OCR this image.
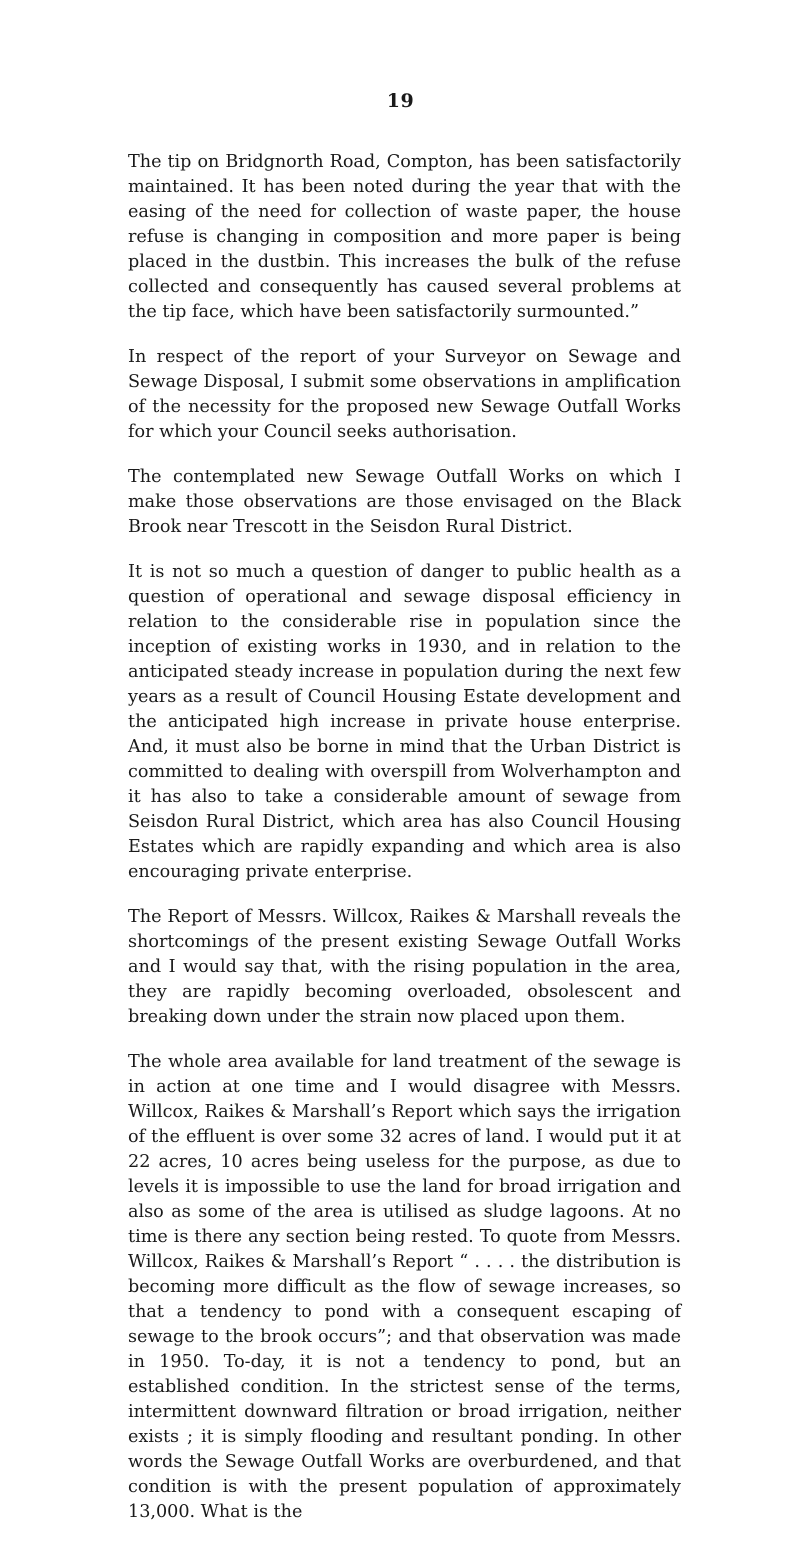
19

The tip on Bridgnorth Road, Compton, has been satisfactorily maintained. It has been noted during the year that with the easing of the need for collection of waste paper, the house refuse is changing in composition and more paper is being placed in the dustbin. This increases the bulk of the refuse collected and consequently has caused several problems at the tip face, which have been satisfactorily surmounted.”

In respect of the report of your Surveyor on Sewage and Sewage Disposal, I submit some observations in amplification of the necessity for the proposed new Sewage Outfall Works for which your Council seeks authorisation.

The contemplated new Sewage Outfall Works on which I make those observations are those envisaged on the Black Brook near Trescott in the Seisdon Rural District.

It is not so much a question of danger to public health as a question of operational and sewage disposal efficiency in relation to the considerable rise in population since the inception of existing works in 1930, and in relation to the anticipated steady increase in population during the next few years as a result of Council Housing Estate development and the anticipated high increase in private house enterprise. And, it must also be borne in mind that the Urban District is committed to dealing with overspill from Wolverhampton and it has also to take a considerable amount of sewage from Seisdon Rural District, which area has also Council Housing Estates which are rapidly expanding and which area is also encouraging private enterprise.

The Report of Messrs. Willcox, Raikes & Marshall reveals the shortcomings of the present existing Sewage Outfall Works and I would say that, with the rising population in the area, they are rapidly becoming overloaded, obsolescent and breaking down under the strain now placed upon them.

The whole area available for land treatment of the sewage is in action at one time and I would disagree with Messrs. Willcox, Raikes & Marshall’s Report which says the irrigation of the effluent is over some 32 acres of land. I would put it at 22 acres, 10 acres being useless for the purpose, as due to levels it is impossible to use the land for broad irrigation and also as some of the area is utilised as sludge lagoons. At no time is there any section being rested. To quote from Messrs. Willcox, Raikes & Marshall’s Report “ . . . . the distribution is becoming more difficult as the flow of sewage increases, so that a tendency to pond with a consequent escaping of sewage to the brook occurs”; and that observation was made in 1950. To-day, it is not a tendency to pond, but an established condition. In the strictest sense of the terms, intermittent downward filtration or broad irrigation, neither exists ; it is simply flooding and resultant ponding. In other words the Sewage Outfall Works are overburdened, and that condition is with the present population of approximately 13,000. What is the
